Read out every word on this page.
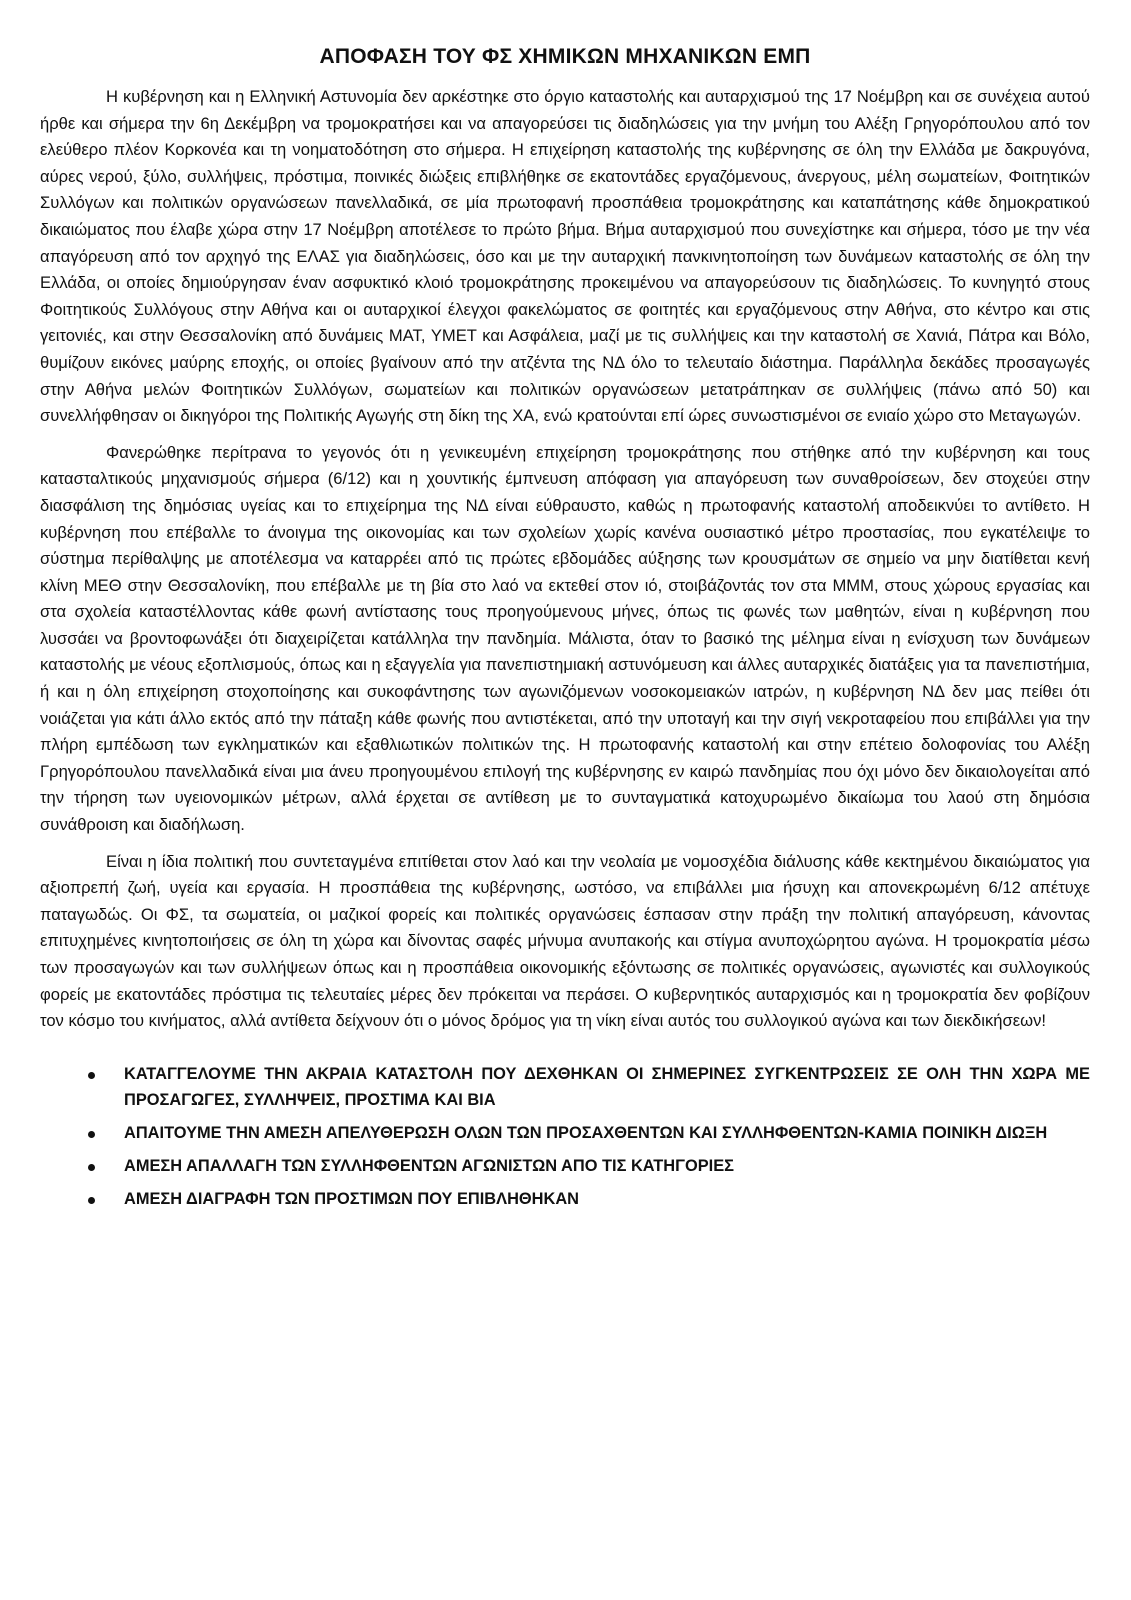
ΑΠΟΦΑΣΗ ΤΟΥ ΦΣ ΧΗΜΙΚΩΝ ΜΗΧΑΝΙΚΩΝ ΕΜΠ

Η κυβέρνηση και η Ελληνική Αστυνομία δεν αρκέστηκε στο όργιο καταστολής και αυταρχισμού της 17 Νοέμβρη και σε συνέχεια αυτού ήρθε και σήμερα την 6η Δεκέμβρη να τρομοκρατήσει και να απαγορεύσει τις διαδηλώσεις για την μνήμη του Αλέξη Γρηγορόπουλου από τον ελεύθερο πλέον Κορκονέα και τη νοηματοδότηση στο σήμερα. Η επιχείρηση καταστολής της κυβέρνησης σε όλη την Ελλάδα με δακρυγόνα, αύρες νερού, ξύλο, συλλήψεις, πρόστιμα, ποινικές διώξεις επιβλήθηκε σε εκατοντάδες εργαζόμενους, άνεργους, μέλη σωματείων, Φοιτητικών Συλλόγων και πολιτικών οργανώσεων πανελλαδικά, σε μία πρωτοφανή προσπάθεια τρομοκράτησης και καταπάτησης κάθε δημοκρατικού δικαιώματος που έλαβε χώρα στην 17 Νοέμβρη αποτέλεσε το πρώτο βήμα. Βήμα αυταρχισμού που συνεχίστηκε και σήμερα, τόσο με την νέα απαγόρευση από τον αρχηγό της ΕΛΑΣ για διαδηλώσεις, όσο και με την αυταρχική πανκινητοποίηση των δυνάμεων καταστολής σε όλη την Ελλάδα, οι οποίες δημιούργησαν έναν ασφυκτικό κλοιό τρομοκράτησης προκειμένου να απαγορεύσουν τις διαδηλώσεις. Το κυνηγητό στους Φοιτητικούς Συλλόγους στην Αθήνα και οι αυταρχικοί έλεγχοι φακελώματος σε φοιτητές και εργαζόμενους στην Αθήνα, στο κέντρο και στις γειτονιές, και στην Θεσσαλονίκη από δυνάμεις ΜΑΤ, ΥΜΕΤ και Ασφάλεια, μαζί με τις συλλήψεις και την καταστολή σε Χανιά, Πάτρα και Βόλο, θυμίζουν εικόνες μαύρης εποχής, οι οποίες βγαίνουν από την ατζέντα της ΝΔ όλο το τελευταίο διάστημα. Παράλληλα δεκάδες προσαγωγές στην Αθήνα μελών Φοιτητικών Συλλόγων, σωματείων και πολιτικών οργανώσεων μετατράπηκαν σε συλλήψεις (πάνω από 50) και συνελλήφθησαν οι δικηγόροι της Πολιτικής Αγωγής στη δίκη της ΧΑ, ενώ κρατούνται επί ώρες συνωστισμένοι σε ενιαίο χώρο στο Μεταγωγών.

Φανερώθηκε περίτρανα το γεγονός ότι η γενικευμένη επιχείρηση τρομοκράτησης που στήθηκε από την κυβέρνηση και τους κατασταλτικούς μηχανισμούς σήμερα (6/12) και η χουντικής έμπνευση απόφαση για απαγόρευση των συναθροίσεων, δεν στοχεύει στην διασφάλιση της δημόσιας υγείας και το επιχείρημα της ΝΔ είναι εύθραυστο, καθώς η πρωτοφανής καταστολή αποδεικνύει το αντίθετο. Η κυβέρνηση που επέβαλλε το άνοιγμα της οικονομίας και των σχολείων χωρίς κανένα ουσιαστικό μέτρο προστασίας, που εγκατέλειψε το σύστημα περίθαλψης με αποτέλεσμα να καταρρέει από τις πρώτες εβδομάδες αύξησης των κρουσμάτων σε σημείο να μην διατίθεται κενή κλίνη ΜΕΘ στην Θεσσαλονίκη, που επέβαλλε με τη βία στο λαό να εκτεθεί στον ιό, στοιβάζοντάς τον στα ΜΜΜ, στους χώρους εργασίας και στα σχολεία καταστέλλοντας κάθε φωνή αντίστασης τους προηγούμενους μήνες, όπως τις φωνές των μαθητών, είναι η κυβέρνηση που λυσσάει να βροντοφωνάξει ότι διαχειρίζεται κατάλληλα την πανδημία. Μάλιστα, όταν το βασικό της μέλημα είναι η ενίσχυση των δυνάμεων καταστολής με νέους εξοπλισμούς, όπως και η εξαγγελία για πανεπιστημιακή αστυνόμευση και άλλες αυταρχικές διατάξεις για τα πανεπιστήμια, ή και η όλη επιχείρηση στοχοποίησης και συκοφάντησης των αγωνιζόμενων νοσοκομειακών ιατρών, η κυβέρνηση ΝΔ δεν μας πείθει ότι νοιάζεται για κάτι άλλο εκτός από την πάταξη κάθε φωνής που αντιστέκεται, από την υποταγή και την σιγή νεκροταφείου που επιβάλλει για την πλήρη εμπέδωση των εγκληματικών και εξαθλιωτικών πολιτικών της. Η πρωτοφανής καταστολή και στην επέτειο δολοφονίας του Αλέξη Γρηγορόπουλου πανελλαδικά είναι μια άνευ προηγουμένου επιλογή της κυβέρνησης εν καιρώ πανδημίας που όχι μόνο δεν δικαιολογείται από την τήρηση των υγειονομικών μέτρων, αλλά έρχεται σε αντίθεση με το συνταγματικά κατοχυρωμένο δικαίωμα του λαού στη δημόσια συνάθροιση και διαδήλωση.

Είναι η ίδια πολιτική που συντεταγμένα επιτίθεται στον λαό και την νεολαία με νομοσχέδια διάλυσης κάθε κεκτημένου δικαιώματος για αξιοπρεπή ζωή, υγεία και εργασία. Η προσπάθεια της κυβέρνησης, ωστόσο, να επιβάλλει μια ήσυχη και απονεκρωμένη 6/12 απέτυχε παταγωδώς. Οι ΦΣ, τα σωματεία, οι μαζικοί φορείς και πολιτικές οργανώσεις έσπασαν στην πράξη την πολιτική απαγόρευση, κάνοντας επιτυχημένες κινητοποιήσεις σε όλη τη χώρα και δίνοντας σαφές μήνυμα ανυπακοής και στίγμα ανυποχώρητου αγώνα. Η τρομοκρατία μέσω των προσαγωγών και των συλλήψεων όπως και η προσπάθεια οικονομικής εξόντωσης σε πολιτικές οργανώσεις, αγωνιστές και συλλογικούς φορείς με εκατοντάδες πρόστιμα τις τελευταίες μέρες δεν πρόκειται να περάσει. Ο κυβερνητικός αυταρχισμός και η τρομοκρατία δεν φοβίζουν τον κόσμο του κινήματος, αλλά αντίθετα δείχνουν ότι ο μόνος δρόμος για τη νίκη είναι αυτός του συλλογικού αγώνα και των διεκδικήσεων!

ΚΑΤΑΓΓΕΛΟΥΜΕ ΤΗΝ ΑΚΡΑΙΑ ΚΑΤΑΣΤΟΛΗ ΠΟΥ ΔΕΧΘΗΚΑΝ ΟΙ ΣΗΜΕΡΙΝΕΣ ΣΥΓΚΕΝΤΡΩΣΕΙΣ ΣΕ ΟΛΗ ΤΗΝ ΧΩΡΑ ΜΕ ΠΡΟΣΑΓΩΓΕΣ, ΣΥΛΛΗΨΕΙΣ, ΠΡΟΣΤΙΜΑ ΚΑΙ ΒΙΑ
ΑΠΑΙΤΟΥΜΕ ΤΗΝ ΑΜΕΣΗ ΑΠΕΛΥΘΕΡΩΣΗ ΟΛΩΝ ΤΩΝ ΠΡΟΣΑΧΘΕΝΤΩΝ ΚΑΙ ΣΥΛΛΗΦΘΕΝΤΩΝ-ΚΑΜΙΑ ΠΟΙΝΙΚΗ ΔΙΩΞΗ
ΑΜΕΣΗ ΑΠΑΛΛΑΓΗ ΤΩΝ ΣΥΛΛΗΦΘΕΝΤΩΝ ΑΓΩΝΙΣΤΩΝ ΑΠΟ ΤΙΣ ΚΑΤΗΓΟΡΙΕΣ
ΑΜΕΣΗ ΔΙΑΓΡΑΦΗ ΤΩΝ ΠΡΟΣΤΙΜΩΝ ΠΟΥ ΕΠΙΒΛΗΘΗΚΑΝ
